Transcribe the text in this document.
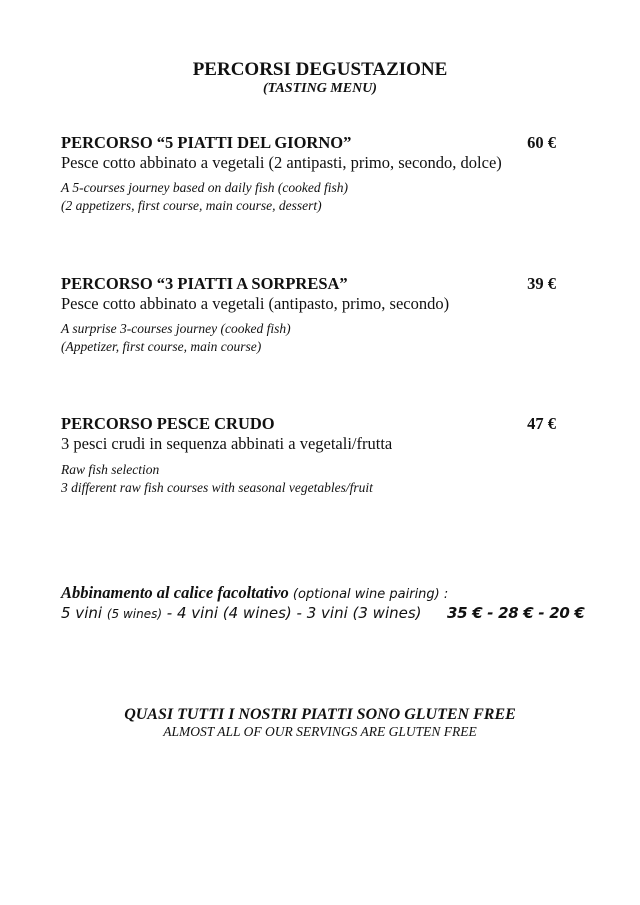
PERCORSI DEGUSTAZIONE
(TASTING MENU)
PERCORSO “5 PIATTI DEL GIORNO”	60 €
Pesce cotto abbinato a vegetali (2 antipasti, primo, secondo, dolce)
A 5-courses journey based on daily fish (cooked fish)
(2 appetizers, first course, main course, dessert)
PERCORSO “3 PIATTI A SORPRESA”	39 €
Pesce cotto abbinato a vegetali (antipasto, primo, secondo)
A surprise 3-courses journey (cooked fish)
(Appetizer, first course, main course)
PERCORSO PESCE CRUDO	47 €
3 pesci crudi in sequenza abbinati a vegetali/frutta
Raw fish selection
3 different raw fish courses with seasonal vegetables/fruit
Abbinamento al calice facoltativo (optional wine pairing) :
5 vini (5 wines) - 4 vini (4 wines) - 3 vini (3 wines) 35 € - 28 € - 20 €
QUASI TUTTI I NOSTRI PIATTI SONO GLUTEN FREE
ALMOST ALL OF OUR SERVINGS ARE GLUTEN FREE
